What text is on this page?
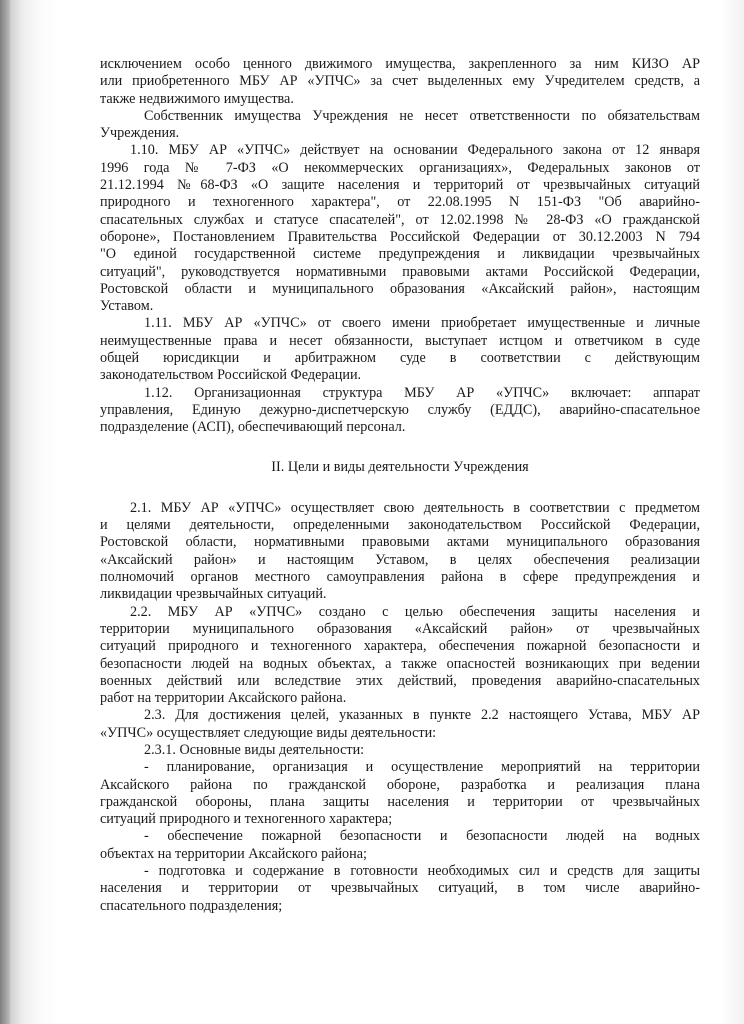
исключением особо ценного движимого имущества, закрепленного за ним КИЗО АР
или приобретенного МБУ АР «УПЧС» за счет выделенных ему Учредителем средств, а
также недвижимого имущества.
Собственник имущества Учреждения не несет ответственности по обязательствам
Учреждения.
1.10. МБУ АР «УПЧС» действует на основании Федерального закона от 12 января
1996 года № 7-ФЗ «О некоммерческих организациях», Федеральных законов от
21.12.1994 №68-ФЗ «О защите населения и территорий от чрезвычайных ситуаций
природного и техногенного характера", от 22.08.1995 N 151-ФЗ "Об аварийно-
спасательных службах и статусе спасателей", от 12.02.1998 № 28-ФЗ «О гражданской
обороне», Постановлением Правительства Российской Федерации от 30.12.2003 N 794
"О единой государственной системе предупреждения и ликвидации чрезвычайных
ситуаций", руководствуется нормативными правовыми актами Российской Федерации,
Ростовской области и муниципального образования «Аксайский район», настоящим
Уставом.
1.11. МБУ АР «УПЧС» от своего имени приобретает имущественные и личные
неимущественные права и несет обязанности, выступает истцом и ответчиком в суде
общей юрисдикции и арбитражном суде в соответствии с действующим
законодательством Российской Федерации.
1.12. Организационная структура МБУ АР «УПЧС» включает: аппарат
управления, Единую дежурно-диспетчерскую службу (ЕДДС), аварийно-спасательное
подразделение (АСП), обеспечивающий персонал.
II. Цели и виды деятельности Учреждения
2.1. МБУ АР «УПЧС» осуществляет свою деятельность в соответствии с предметом
и целями деятельности, определенными законодательством Российской Федерации,
Ростовской области, нормативными правовыми актами муниципального образования
«Аксайский район» и настоящим Уставом, в целях обеспечения реализации
полномочий органов местного самоуправления района в сфере предупреждения и
ликвидации чрезвычайных ситуаций.
2.2. МБУ АР «УПЧС» создано с целью обеспечения защиты населения и
территории муниципального образования «Аксайский район» от чрезвычайных
ситуаций природного и техногенного характера, обеспечения пожарной безопасности и
безопасности людей на водных объектах, а также опасностей возникающих при ведении
военных действий или вследствие этих действий, проведения аварийно-спасательных
работ на территории Аксайского района.
2.3. Для достижения целей, указанных в пункте 2.2 настоящего Устава, МБУ АР
«УПЧС» осуществляет следующие виды деятельности:
2.3.1. Основные виды деятельности:
- планирование, организация и осуществление мероприятий на территории
Аксайского района по гражданской обороне, разработка и реализация плана
гражданской обороны, плана защиты населения и территории от чрезвычайных
ситуаций природного и техногенного характера;
- обеспечение пожарной безопасности и безопасности людей на водных
объектах на территории Аксайского района;
- подготовка и содержание в готовности необходимых сил и средств для защиты
населения и территории от чрезвычайных ситуаций, в том числе аварийно-
спасательного подразделения;
